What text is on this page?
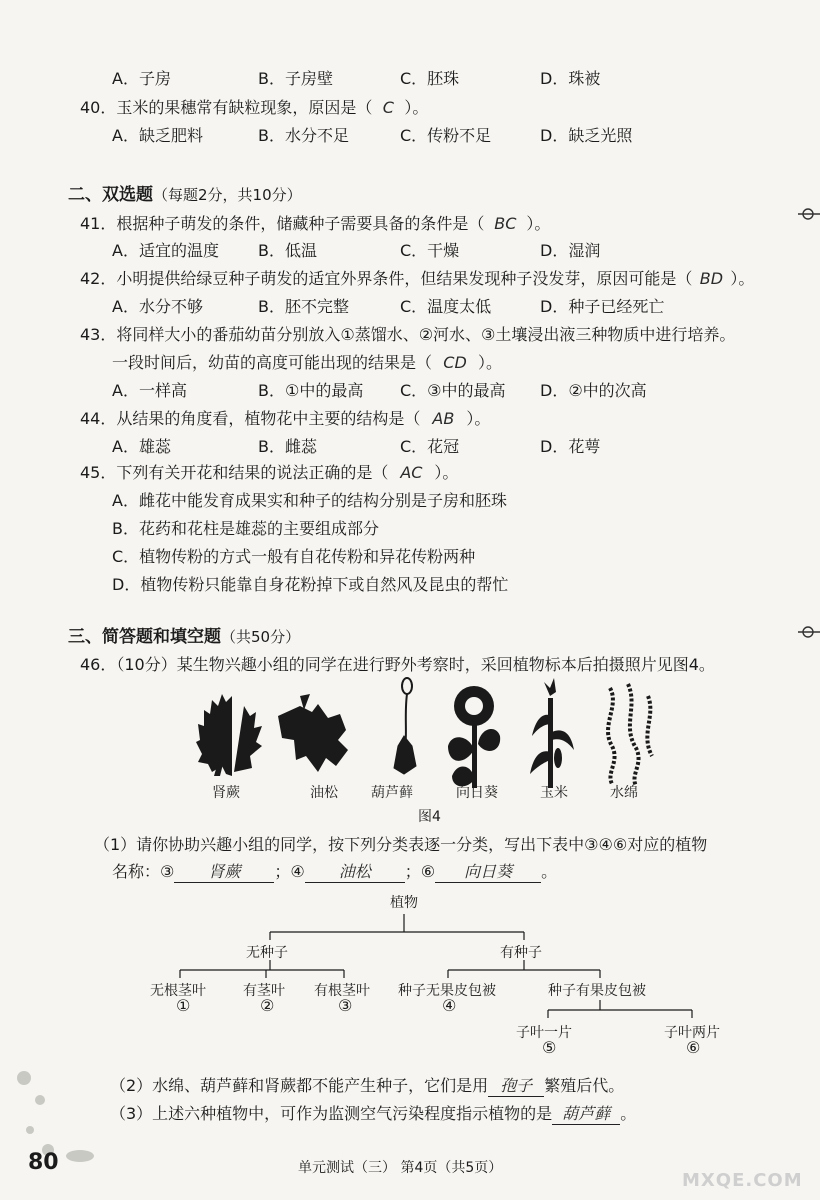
A．子房	B．子房壁	C．胚珠	D．珠被
40．玉米的果穗常有缺粒现象，原因是（ C ）。
A．缺乏肥料	B．水分不足	C．传粉不足	D．缺乏光照
二、双选题（每题2分，共10分）
41．根据种子萌发的条件，储藏种子需要具备的条件是（ BC ）。
A．适宜的温度 B．低温	C．干燥	D．湿润
42．小明提供给绿豆种子萌发的适宜外界条件，但结果发现种子没发芽，原因可能是（ BD ）。
A．水分不够	B．胚不完整	C．温度太低	D．种子已经死亡
43．将同样大小的番茄幼苗分别放入①蒸馏水、②河水、③土壤浸出液三种物质中进行培养。
一段时间后，幼苗的高度可能出现的结果是（ CD ）。
A．一样高	B．①中的最高 C．③中的最高 D．②中的次高
44．从结果的角度看，植物花中主要的结构是（ AB ）。
A．雄蕊	B．雌蕊	C．花冠	D．花萼
45．下列有关开花和结果的说法正确的是（ AC ）。
A．雌花中能发育成果实和种子的结构分别是子房和胚珠
B．花药和花柱是雄蕊的主要组成部分
C．植物传粉的方式一般有自花传粉和异花传粉两种
D．植物传粉只能靠自身花粉掉下或自然风及昆虫的帮忙
三、简答题和填空题（共50分）
46．（10分）某生物兴趣小组的同学在进行野外考察时，采回植物标本后拍摄照片见图4。
肾蕨	油松	葫芦藓	向日葵	玉米	水绵
图4
（1）请你协助兴趣小组的同学，按下列分类表逐一分类，写出下表中③④⑥对应的植物
名称：③ 肾蕨 ；④ 油松 ；⑥ 向日葵 。
植物
无种子	有种子
无根茎叶	有茎叶 有根茎叶 种子无果皮包被	种子有果皮包被
子叶一片	子叶两片
①	②	③	④
⑤	⑥
（2）水绵、葫芦藓和肾蕨都不能产生种子，它们是用 孢子 繁殖后代。
（3）上述六种植物中，可作为监测空气污染程度指示植物的是 葫芦藓 。
80	单元测试（三） 第4页（共5页）
MXQE.COM
